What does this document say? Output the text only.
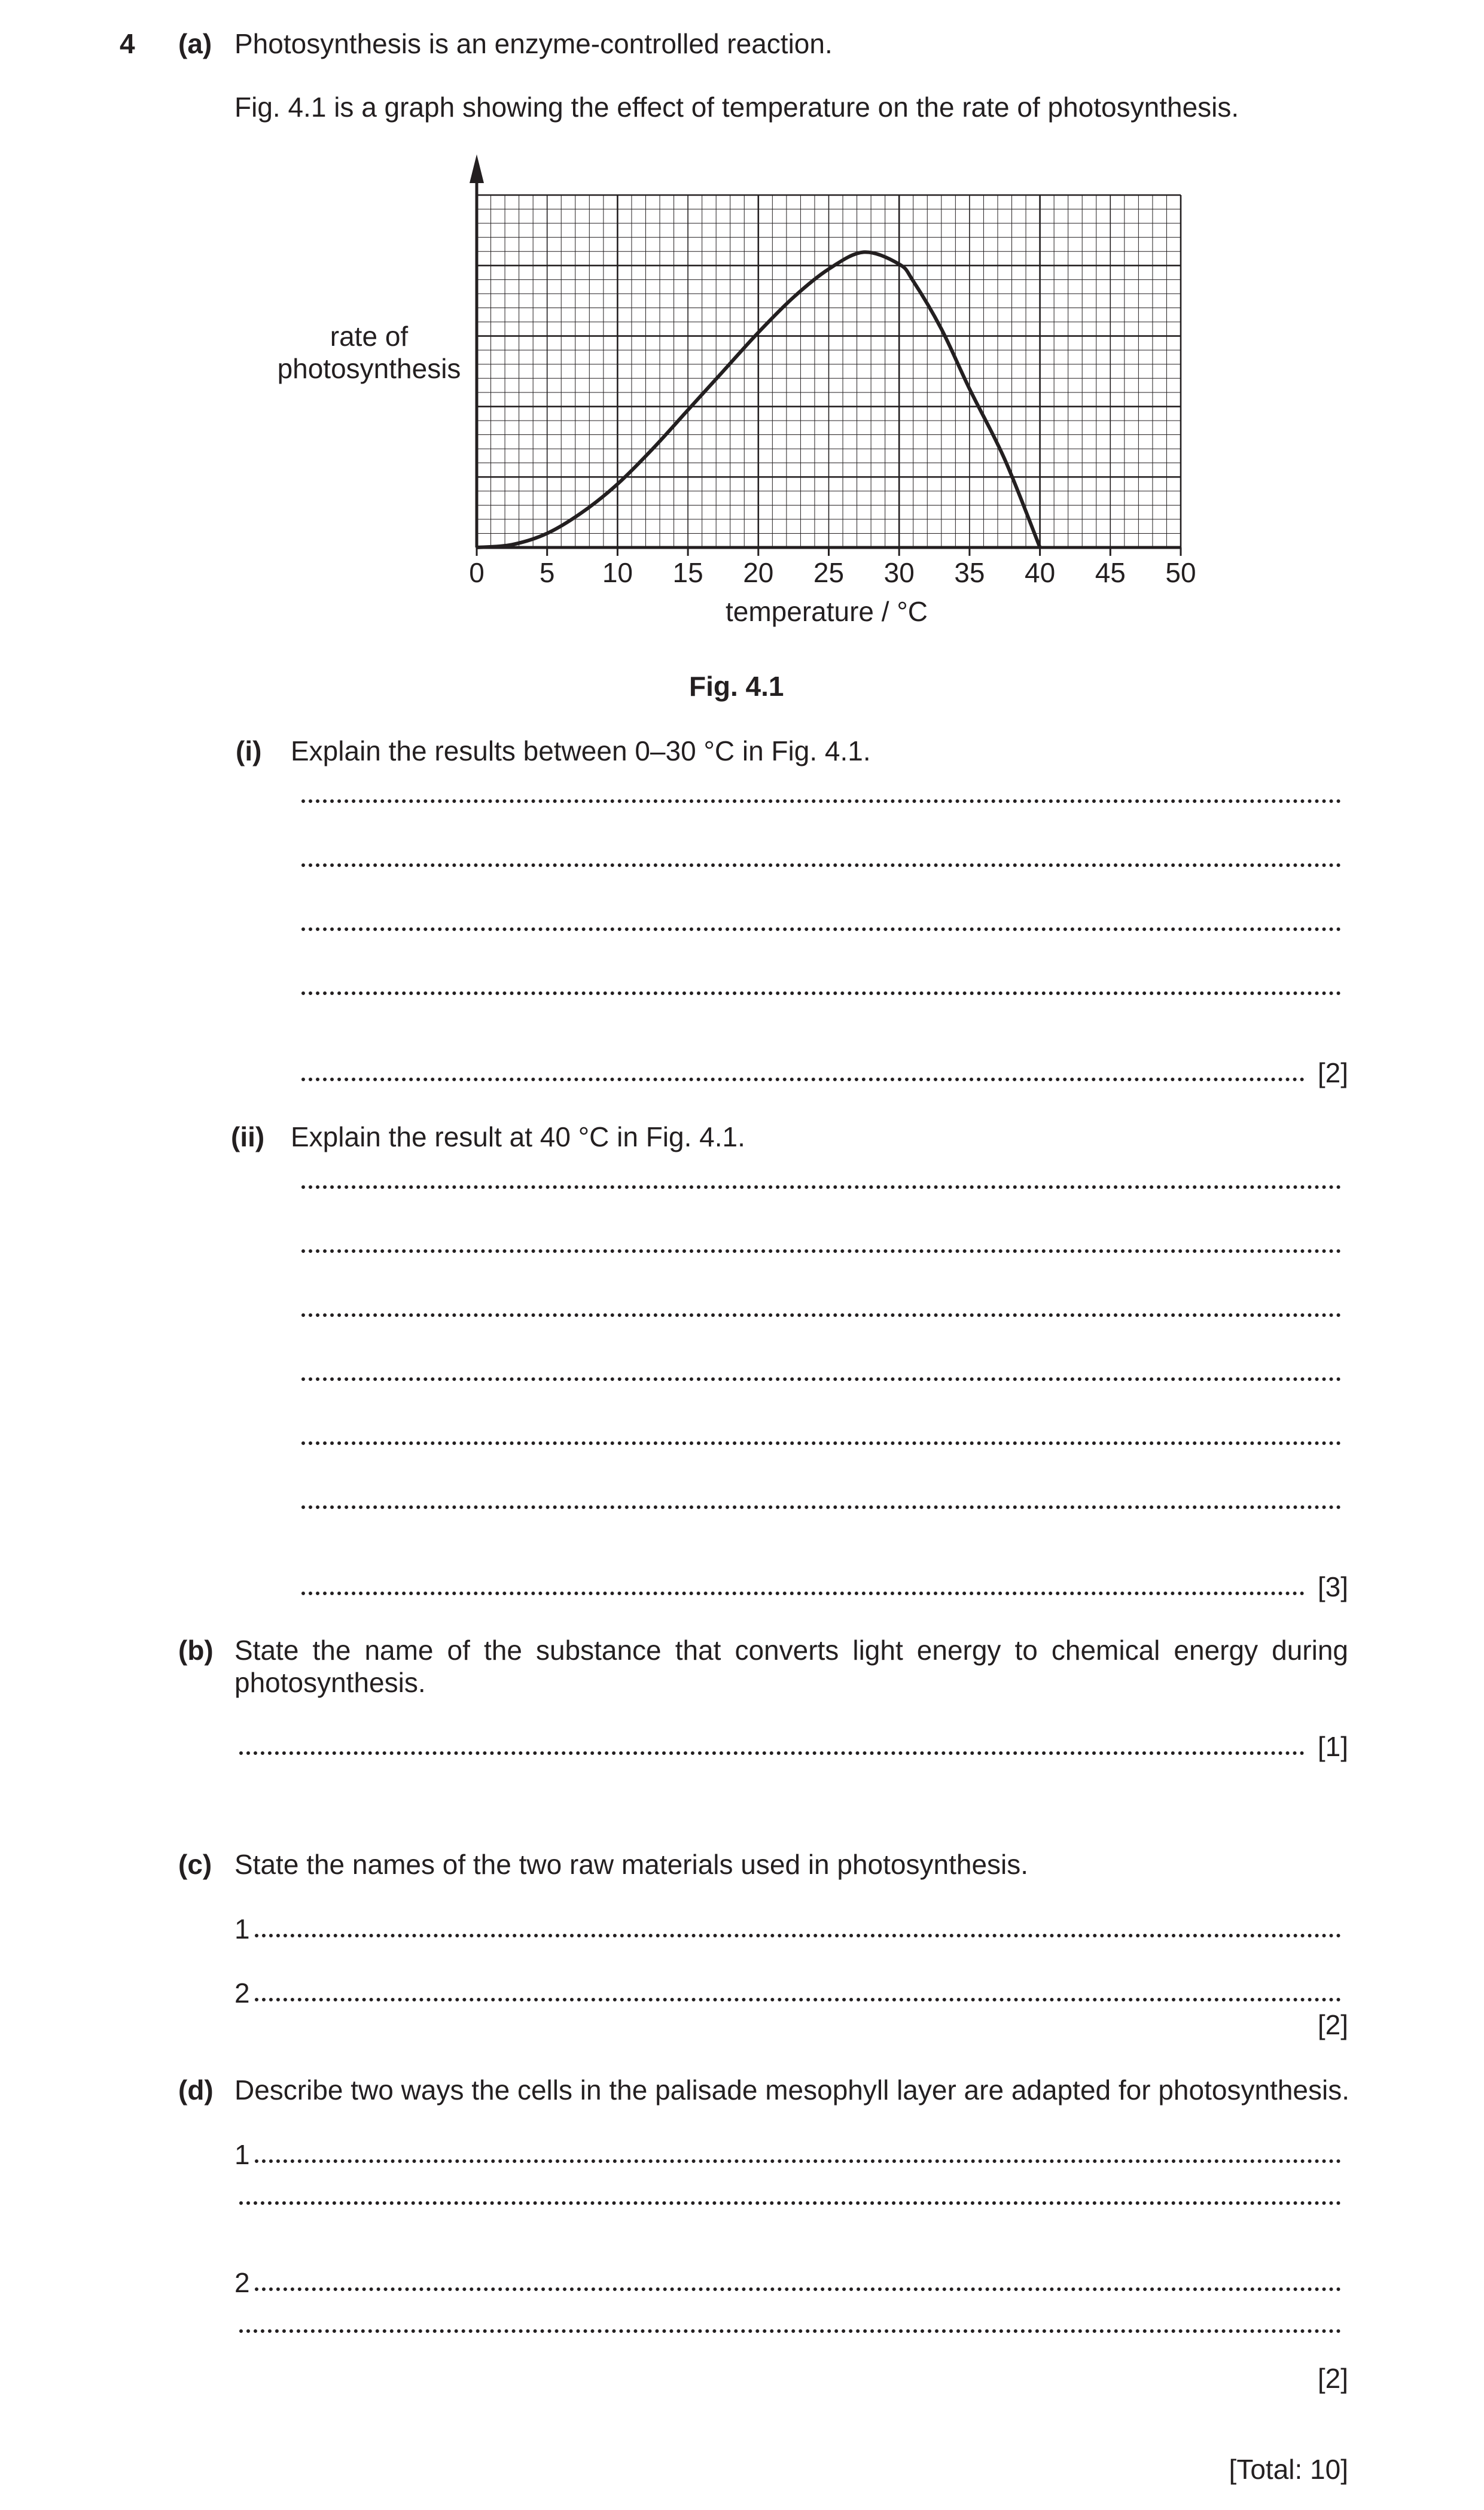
4 (a) Photosynthesis is an enzyme-controlled reaction.
Fig. 4.1 is a graph showing the effect of temperature on the rate of photosynthesis.
0 5 10 15 20 25 30 35 40 45 50
rate of
photosynthesis
temperature / °C
Fig. 4.1
(i) Explain the results between 0–30 °C in Fig. 4.1.
[2]
(ii) Explain the result at 40 °C in Fig. 4.1.
[3]
(b) State the name of the substance that converts light energy to chemical energy during photosynthesis.
[1]
(c) State the names of the two raw materials used in photosynthesis.
1
2
[2]
(d) Describe two ways the cells in the palisade mesophyll layer are adapted for photosynthesis.
1
2
[2]
[Total: 10]
